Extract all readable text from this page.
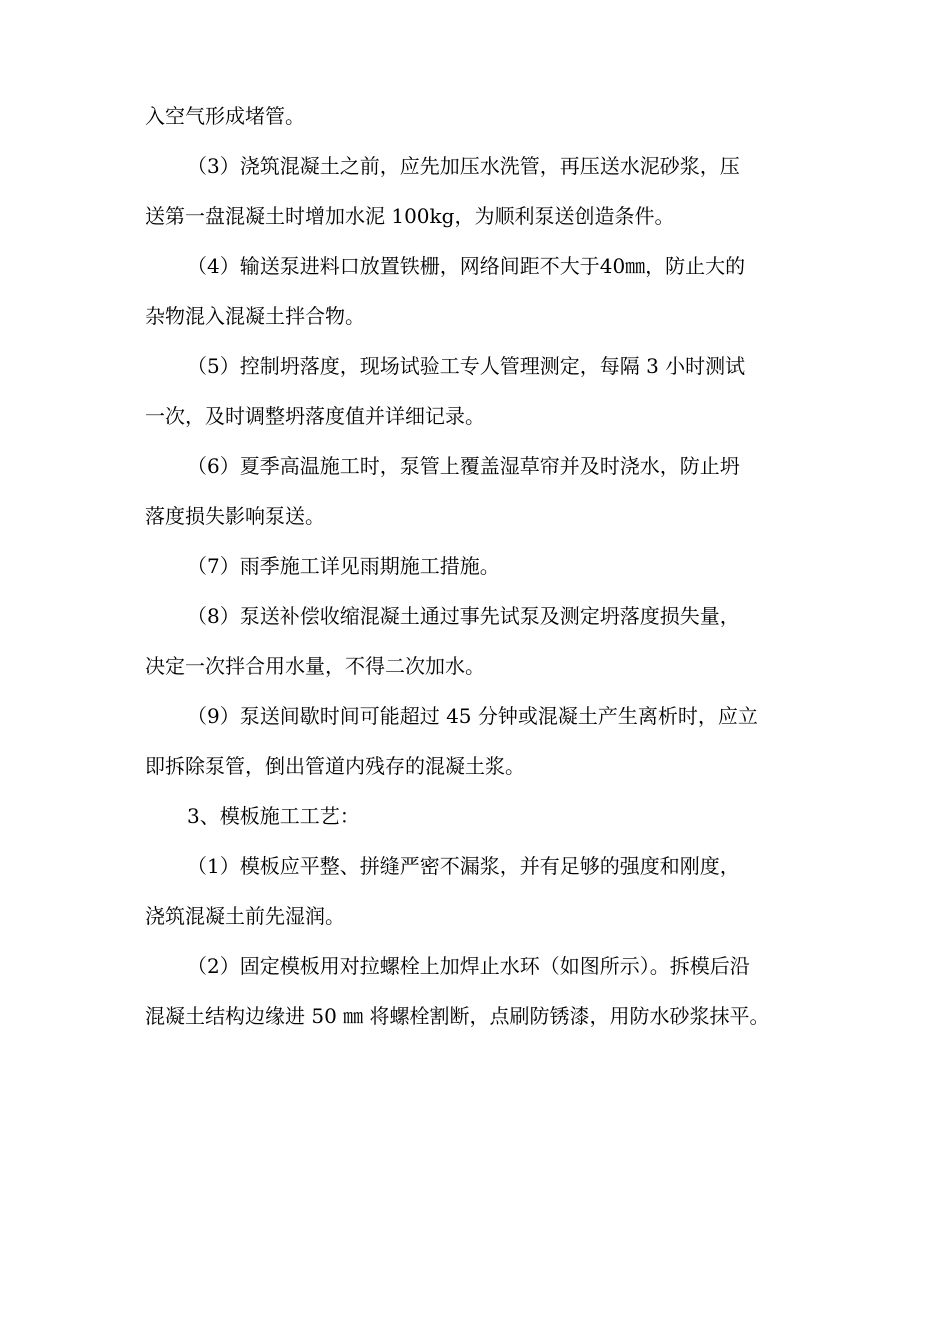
入空气形成堵管。
（3）浇筑混凝土之前，应先加压水洗管，再压送水泥砂浆，压
送第一盘混凝土时增加水泥 100kg，为顺利泵送创造条件。
（4）输送泵进料口放置铁栅，网络间距不大于40㎜，防止大的
杂物混入混凝土拌合物。
（5）控制坍落度，现场试验工专人管理测定，每隔 3 小时测试
一次，及时调整坍落度值并详细记录。
（6）夏季高温施工时，泵管上覆盖湿草帘并及时浇水，防止坍
落度损失影响泵送。
（7）雨季施工详见雨期施工措施。
（8）泵送补偿收缩混凝土通过事先试泵及测定坍落度损失量，
决定一次拌合用水量，不得二次加水。
（9）泵送间歇时间可能超过 45 分钟或混凝土产生离析时，应立
即拆除泵管，倒出管道内残存的混凝土浆。
3、模板施工工艺：
（1）模板应平整、拼缝严密不漏浆，并有足够的强度和刚度，
浇筑混凝土前先湿润。
（2）固定模板用对拉螺栓上加焊止水环（如图所示）。拆模后沿
混凝土结构边缘进 50 ㎜ 将螺栓割断，点刷防锈漆，用防水砂浆抹平。
